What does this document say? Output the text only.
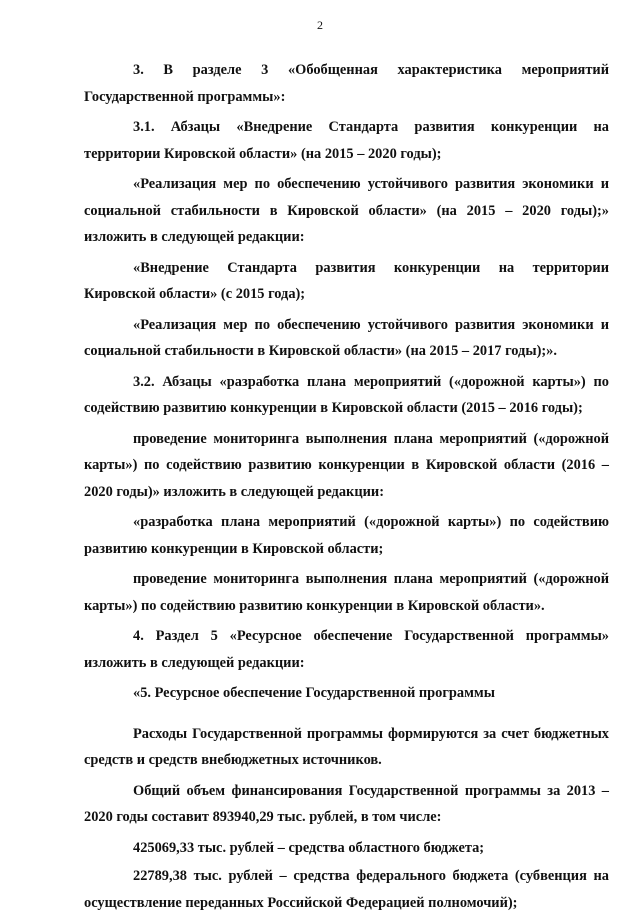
2

3. В разделе 3 «Обобщенная характеристика мероприятий Государственной программы»:

3.1. Абзацы «Внедрение Стандарта развития конкуренции на территории Кировской области» (на 2015 – 2020 годы);

«Реализация мер по обеспечению устойчивого развития экономики и социальной стабильности в Кировской области» (на 2015 – 2020 годы);» изложить в следующей редакции:

«Внедрение Стандарта развития конкуренции на территории Кировской области» (с 2015 года);

«Реализация мер по обеспечению устойчивого развития экономики и социальной стабильности в Кировской области» (на 2015 – 2017 годы);».

3.2. Абзацы «разработка плана мероприятий («дорожной карты») по содействию развитию конкуренции в Кировской области (2015 – 2016 годы);

проведение мониторинга выполнения плана мероприятий («дорожной карты») по содействию развитию конкуренции в Кировской области (2016 – 2020 годы)» изложить в следующей редакции:

«разработка плана мероприятий («дорожной карты») по содействию развитию конкуренции в Кировской области;

проведение мониторинга выполнения плана мероприятий («дорожной карты») по содействию развитию конкуренции в Кировской области».

4. Раздел 5 «Ресурсное обеспечение Государственной программы» изложить в следующей редакции:

«5. Ресурсное обеспечение Государственной программы

Расходы Государственной программы формируются за счет бюджетных средств и средств внебюджетных источников.

Общий объем финансирования Государственной программы за 2013 – 2020 годы составит 893940,29 тыс. рублей, в том числе:

425069,33 тыс. рублей – средства областного бюджета;

22789,38 тыс. рублей – средства федерального бюджета (субвенция на осуществление переданных Российской Федерацией полномочий);
